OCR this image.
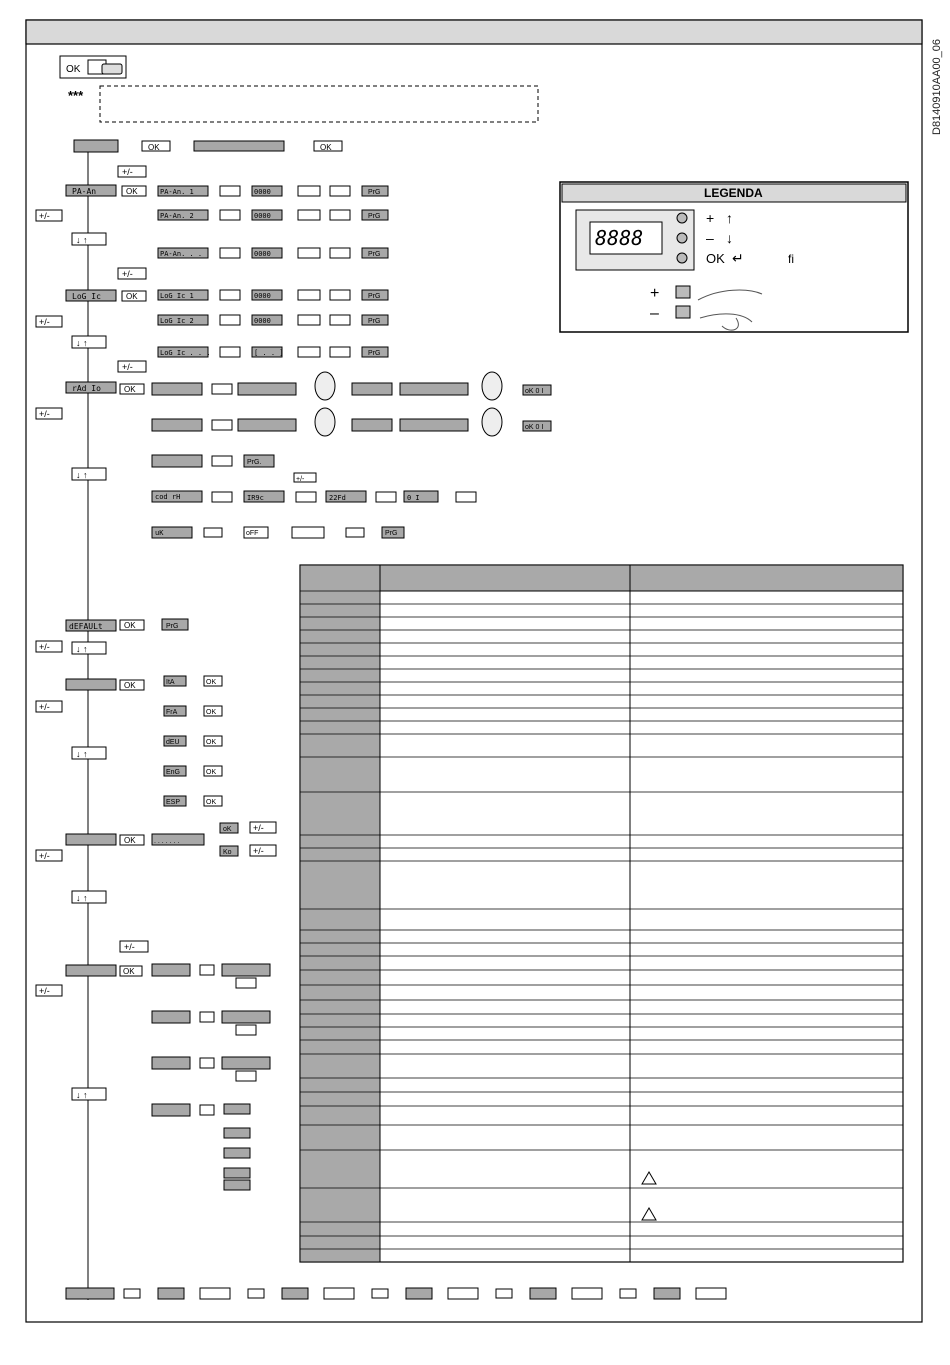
D8140910AA00_06
OK
***
OK	OK
PA-An
+/-
OK
+/-
↓ ↑
PA-An. 1	0000	PrG
PA-An. 2	0000	PrG
PA-An. . .	0000	PrG
LoG Ic
+/-
OK
+/-
↓ ↑
LoG Ic 1	0000	PrG
LoG Ic 2	0000	PrG
LoG Ic . . .	[ . . ]	PrG
rAd Io
+/-
OK
+/-
↓ ↑
oK 0 I
oK 0 I
PrG.
cod rH	IR9c	22Fd	0 I
+/-
uK	oFF	PrG
dEFAULt	OK	PrG
+/-	↓ ↑
OK
+/-
↓ ↑
ItA	OK
FrA	OK
dEU	OK
EnG	OK
ESP	OK
OK	. . . . . . .
oK +/-
Ko +/-
+/-
↓ ↑
+/-
OK
+/-
↓ ↑
LEGENDA
8888
+ ↑
– ↓
OK ↵	fi
+
–
